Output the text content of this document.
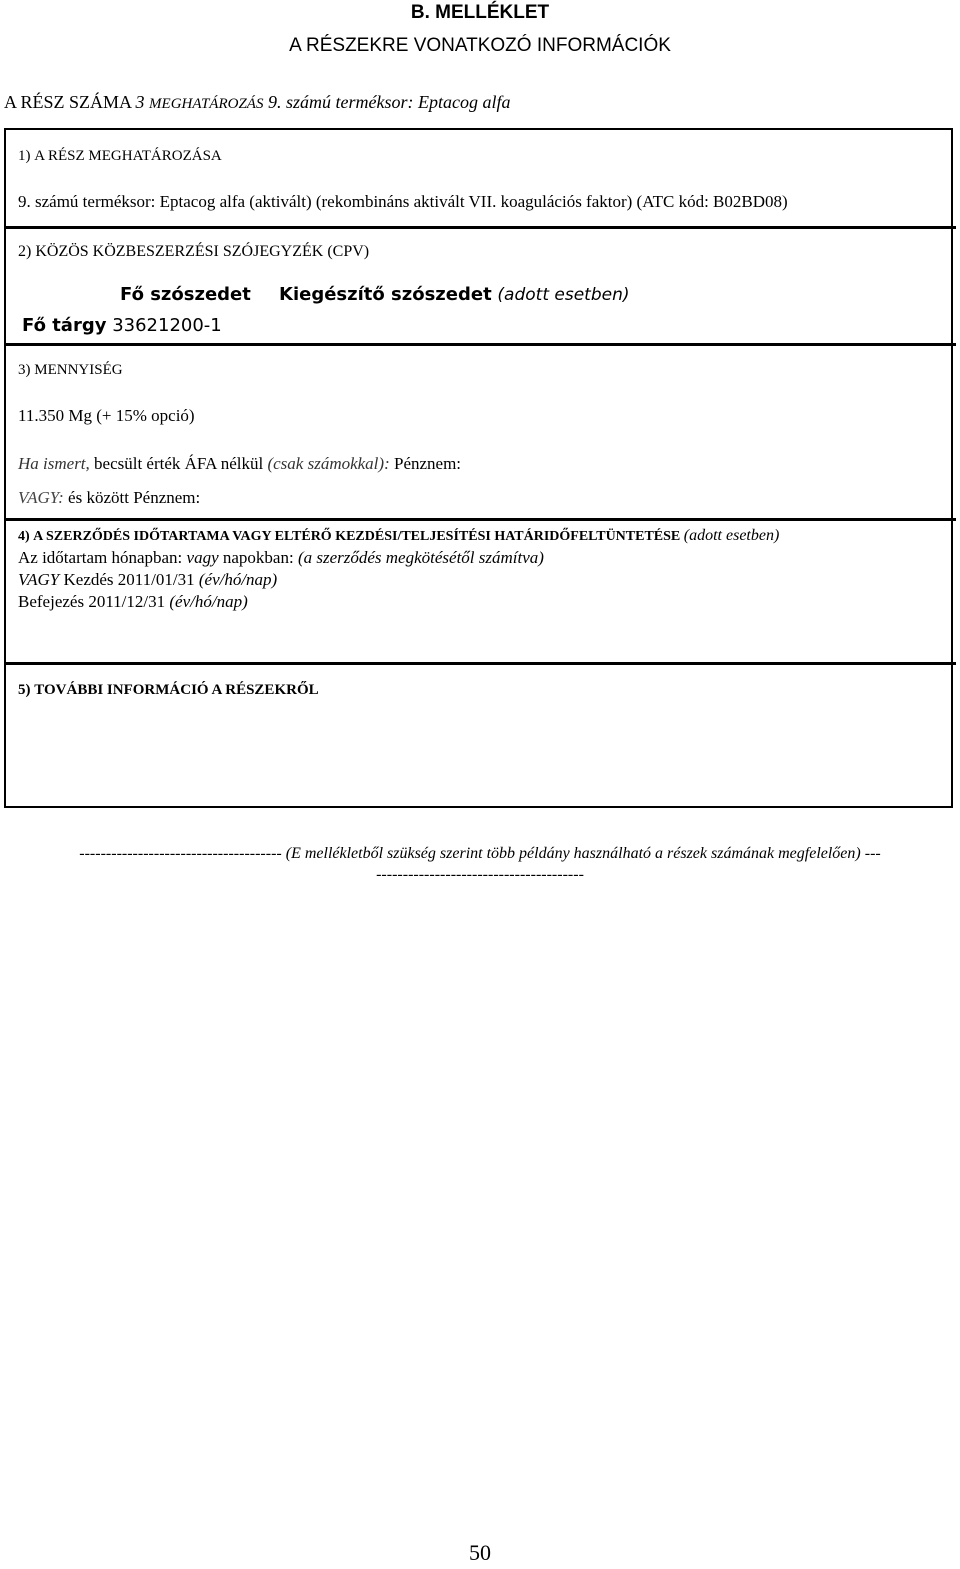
B. MELLÉKLET
A RÉSZEKRE VONATKOZÓ INFORMÁCIÓK
A RÉSZ SZÁMA 3 MEGHATÁROZÁS 9. számú terméksor: Eptacog alfa
1) A RÉSZ MEGHATÁROZÁSA
9. számú terméksor: Eptacog alfa (aktivált) (rekombináns aktivált VII. koagulációs faktor) (ATC kód: B02BD08)
2) KÖZÖS KÖZBESZERZÉSI SZÓJEGYZÉK (CPV)
Fő szószedet Kiegészítő szószedet (adott esetben)
Fő tárgy 33621200-1
3) MENNYISÉG
11.350 Mg (+ 15% opció)
Ha ismert, becsült érték ÁFA nélkül (csak számokkal): Pénznem:
VAGY: és között Pénznem:
4) A SZERZŐDÉS IDŐTARTAMA VAGY ELTÉRŐ KEZDÉSI/TELJESÍTÉSI HATÁRIDŐFELTÜNTETÉSE (adott esetben)
Az időtartam hónapban: vagy napokban: (a szerződés megkötésétől számítva)
VAGY Kezdés 2011/01/31 (év/hó/nap)
Befejezés 2011/12/31 (év/hó/nap)
5) TOVÁBBI INFORMÁCIÓ A RÉSZEKRŐL
-------------------------------------- (E mellékletből szükség szerint több példány használható a részek számának megfelelően) ---
---------------------------------------
50
